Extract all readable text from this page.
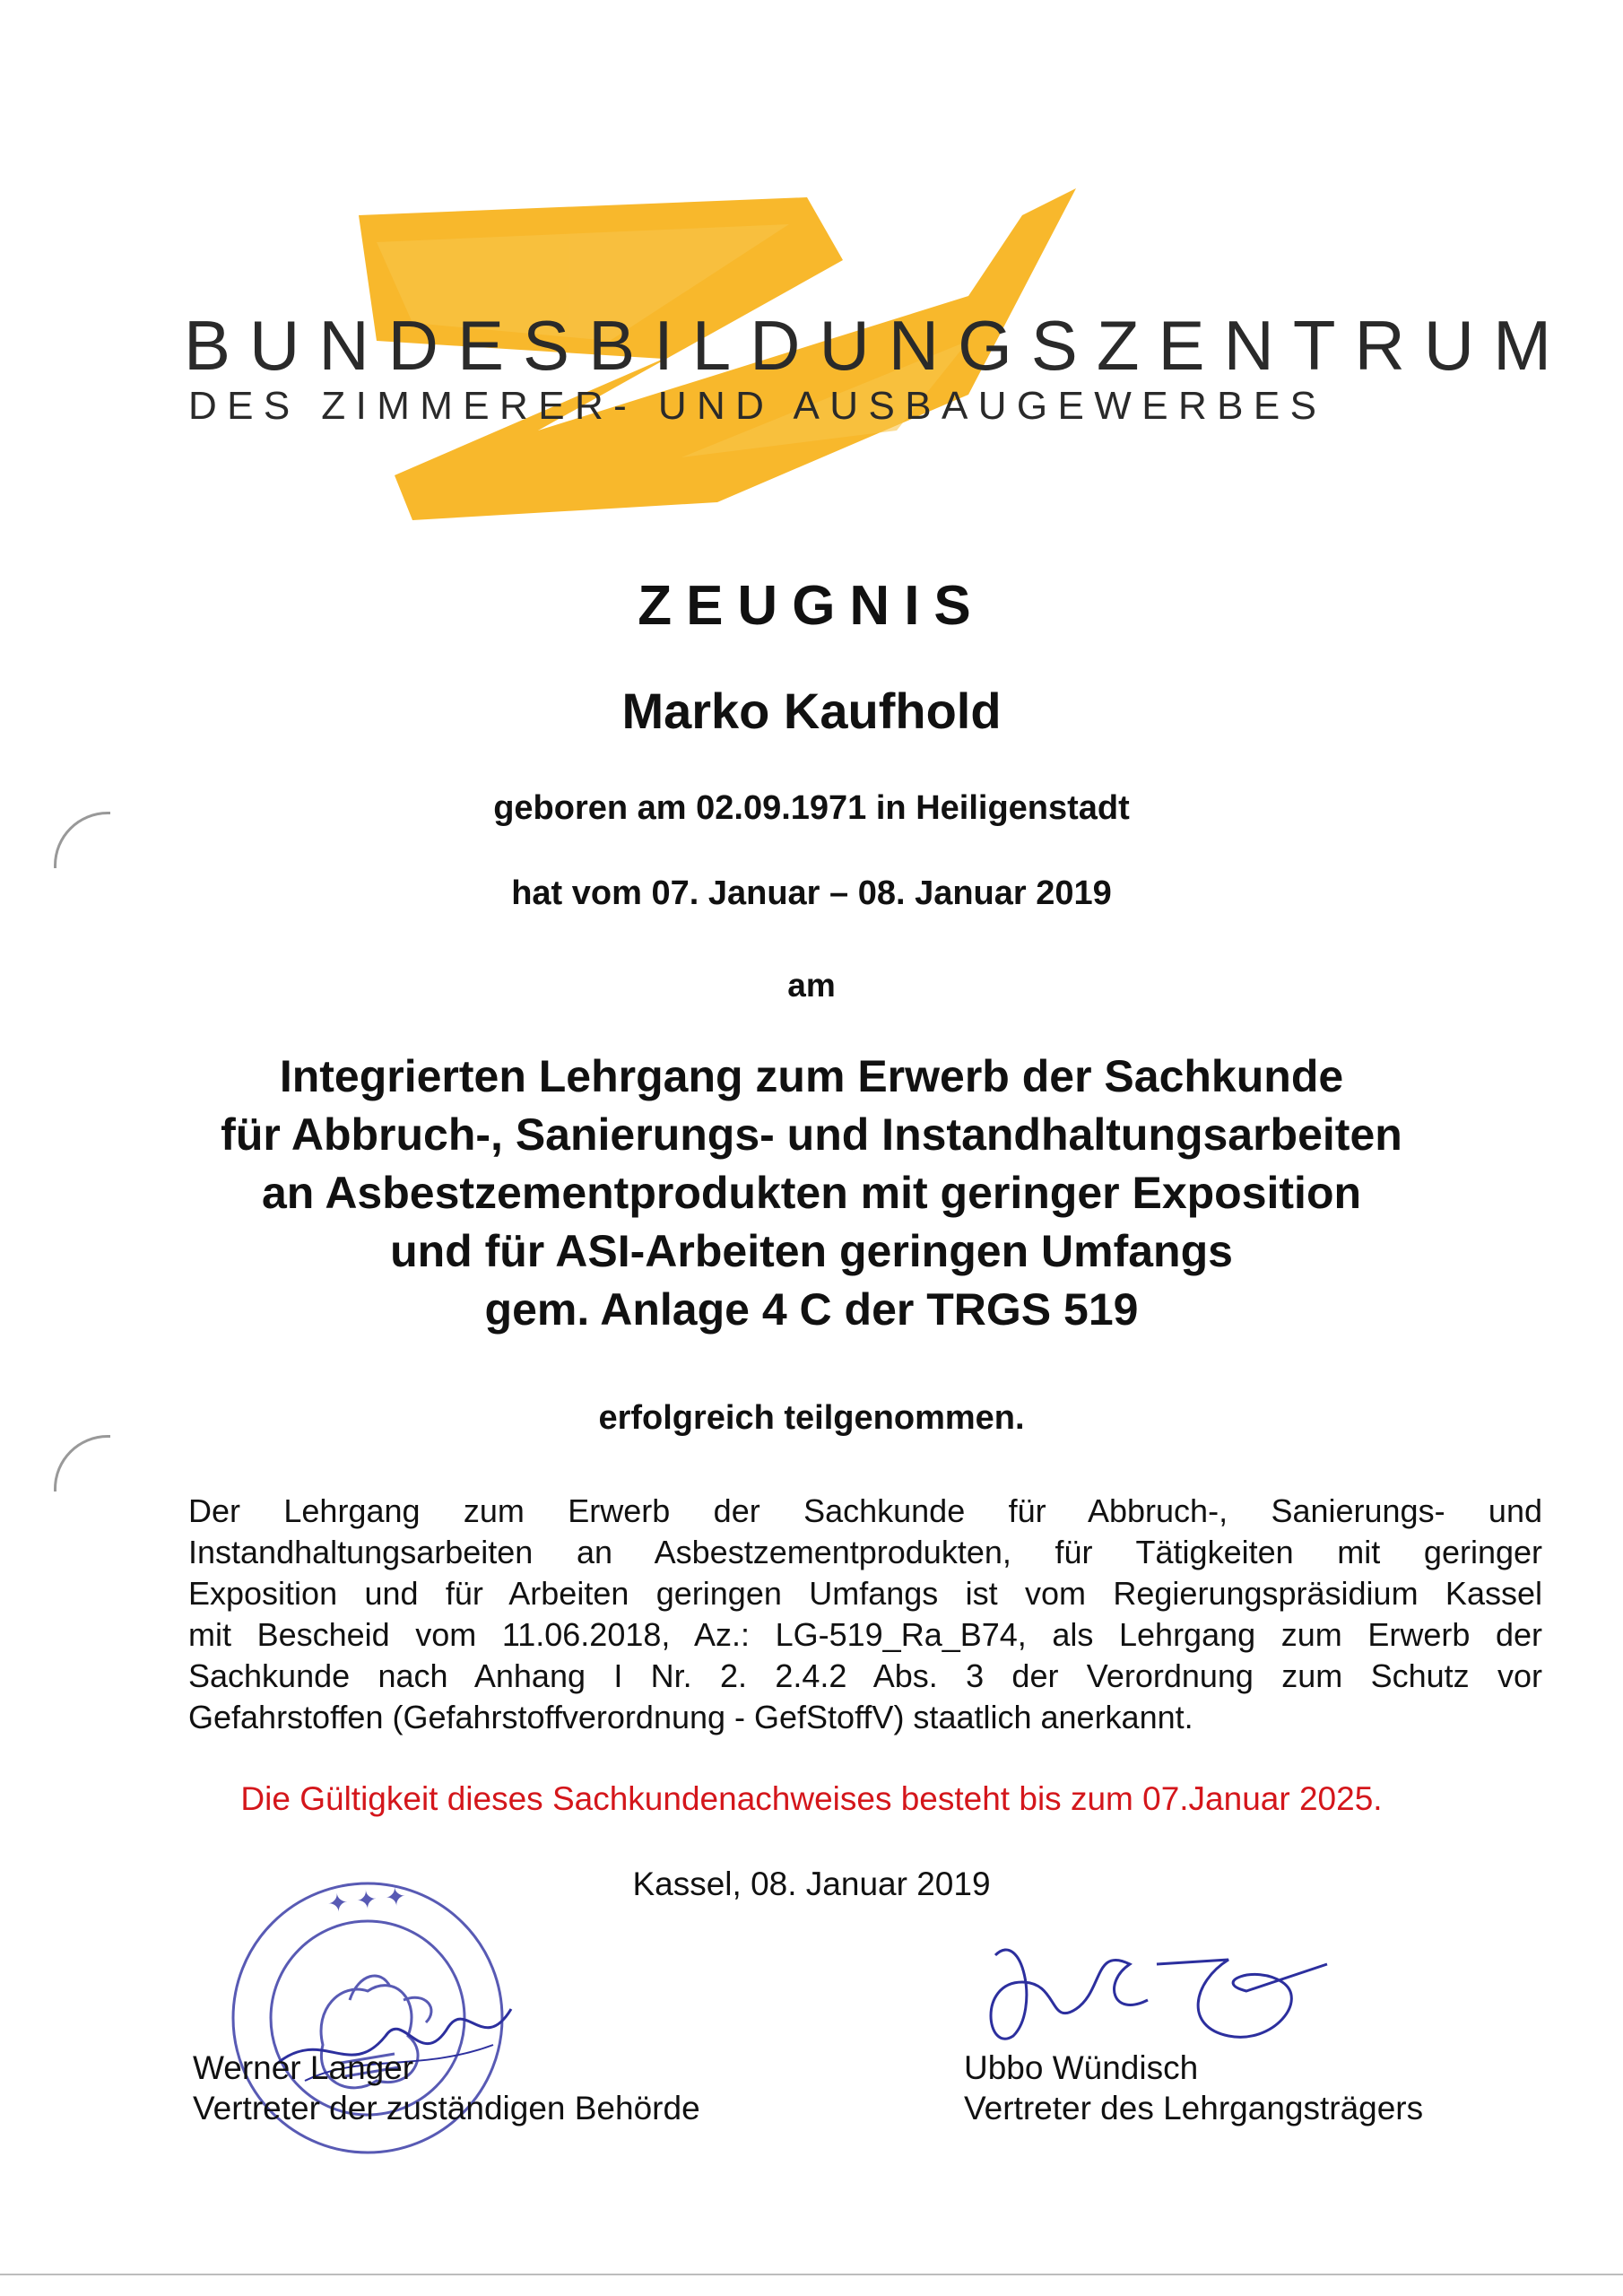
BUNDESBILDUNGSZENTRUM
DES ZIMMERER- UND AUSBAUGEWERBES
ZEUGNIS
Marko Kaufhold
geboren am 02.09.1971 in Heiligenstadt
hat vom 07. Januar – 08. Januar 2019
am
Integrierten Lehrgang zum Erwerb der Sachkunde
für Abbruch-, Sanierungs- und Instandhaltungsarbeiten
an Asbestzementprodukten mit geringer Exposition
und für ASI-Arbeiten geringen Umfangs
gem. Anlage 4 C der TRGS 519
erfolgreich teilgenommen.
Der Lehrgang zum Erwerb der Sachkunde für Abbruch-, Sanierungs- und
Instandhaltungsarbeiten an Asbestzementprodukten, für Tätigkeiten mit geringer
Exposition und für Arbeiten geringen Umfangs ist vom Regierungspräsidium Kassel
mit Bescheid vom 11.06.2018, Az.: LG-519_Ra_B74, als Lehrgang zum Erwerb der
Sachkunde nach Anhang I Nr. 2. 2.4.2 Abs. 3 der Verordnung zum Schutz vor
Gefahrstoffen (Gefahrstoffverordnung - GefStoffV) staatlich anerkannt.
Die Gültigkeit dieses Sachkundenachweises besteht bis zum 07.Januar 2025.
Kassel, 08. Januar 2019
✦ ✦ ✦
Werner Langer
Vertreter der zuständigen Behörde
Ubbo Wündisch
Vertreter des Lehrgangsträgers
